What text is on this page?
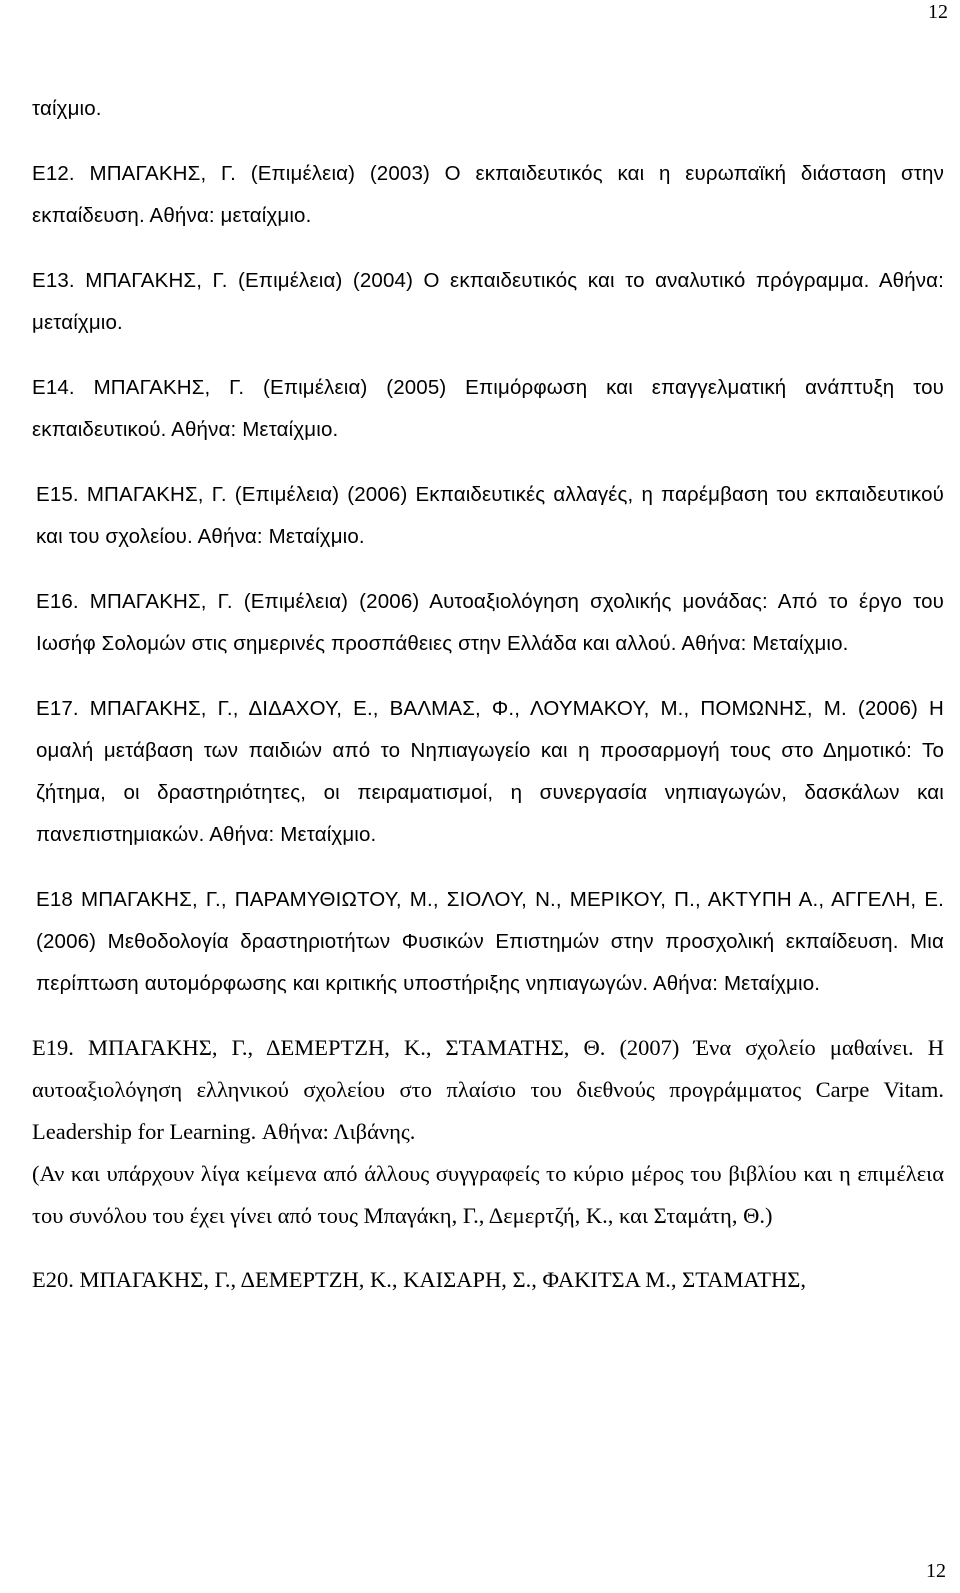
12

ταίχμιο.

Ε12. ΜΠΑΓΑΚΗΣ, Γ. (Επιμέλεια) (2003) Ο εκπαιδευτικός και η ευρωπαϊκή διάσταση στην εκπαίδευση. Αθήνα: μεταίχμιο.

Ε13. ΜΠΑΓΑΚΗΣ, Γ. (Επιμέλεια) (2004) Ο εκπαιδευτικός και το αναλυτικό πρόγραμμα. Αθήνα: μεταίχμιο.

Ε14. ΜΠΑΓΑΚΗΣ, Γ. (Επιμέλεια) (2005) Επιμόρφωση και επαγγελματική ανάπτυξη του εκπαιδευτικού. Αθήνα: Μεταίχμιο.

Ε15. ΜΠΑΓΑΚΗΣ, Γ. (Επιμέλεια) (2006) Εκπαιδευτικές αλλαγές, η παρέμβαση του εκπαιδευτικού και του σχολείου. Αθήνα: Μεταίχμιο.

Ε16. ΜΠΑΓΑΚΗΣ, Γ. (Επιμέλεια) (2006) Αυτοαξιολόγηση σχολικής μονάδας: Από το έργο του Ιωσήφ Σολομών στις σημερινές προσπάθειες στην Ελλάδα και αλλού. Αθήνα: Μεταίχμιο.

Ε17. ΜΠΑΓΑΚΗΣ, Γ., ΔΙΔΑΧΟΥ, Ε., ΒΑΛΜΑΣ, Φ., ΛΟΥΜΑΚΟΥ, Μ., ΠΟΜΩΝΗΣ, Μ. (2006) Η ομαλή μετάβαση των παιδιών από το Νηπιαγωγείο και η προσαρμογή τους στο Δημοτικό: Το ζήτημα, οι δραστηριότητες, οι πειραματισμοί, η συνεργασία νηπιαγωγών, δασκάλων και πανεπιστημιακών. Αθήνα: Μεταίχμιο.

Ε18 ΜΠΑΓΑΚΗΣ, Γ., ΠΑΡΑΜΥΘΙΩΤΟΥ, Μ., ΣΙΟΛΟΥ, Ν., ΜΕΡΙΚΟΥ, Π., ΑΚΤΥΠΗ Α., ΑΓΓΕΛΗ, Ε. (2006) Μεθοδολογία δραστηριοτήτων Φυσικών Επιστημών στην προσχολική εκπαίδευση. Μια περίπτωση αυτομόρφωσης και κριτικής υποστήριξης νηπιαγωγών. Αθήνα: Μεταίχμιο.

Ε19. ΜΠΑΓΑΚΗΣ, Γ., ΔΕΜΕΡΤΖΗ, Κ., ΣΤΑΜΑΤΗΣ, Θ. (2007) Ένα σχολείο μαθαίνει. Η αυτοαξιολόγηση ελληνικού σχολείου στο πλαίσιο του διεθνούς προγράμματος Carpe Vitam. Leadership for Learning. Αθήνα: Λιβάνης.

(Αν και υπάρχουν λίγα κείμενα από άλλους συγγραφείς το κύριο μέρος του βιβλίου και η επιμέλεια του συνόλου του έχει γίνει από τους Μπαγάκη, Γ., Δεμερτζή, Κ., και Σταμάτη, Θ.)

Ε20. ΜΠΑΓΑΚΗΣ, Γ., ΔΕΜΕΡΤΖΗ, Κ., ΚΑΙΣΑΡΗ, Σ., ΦΑΚΙΤΣΑ Μ., ΣΤΑΜΑΤΗΣ,

12
